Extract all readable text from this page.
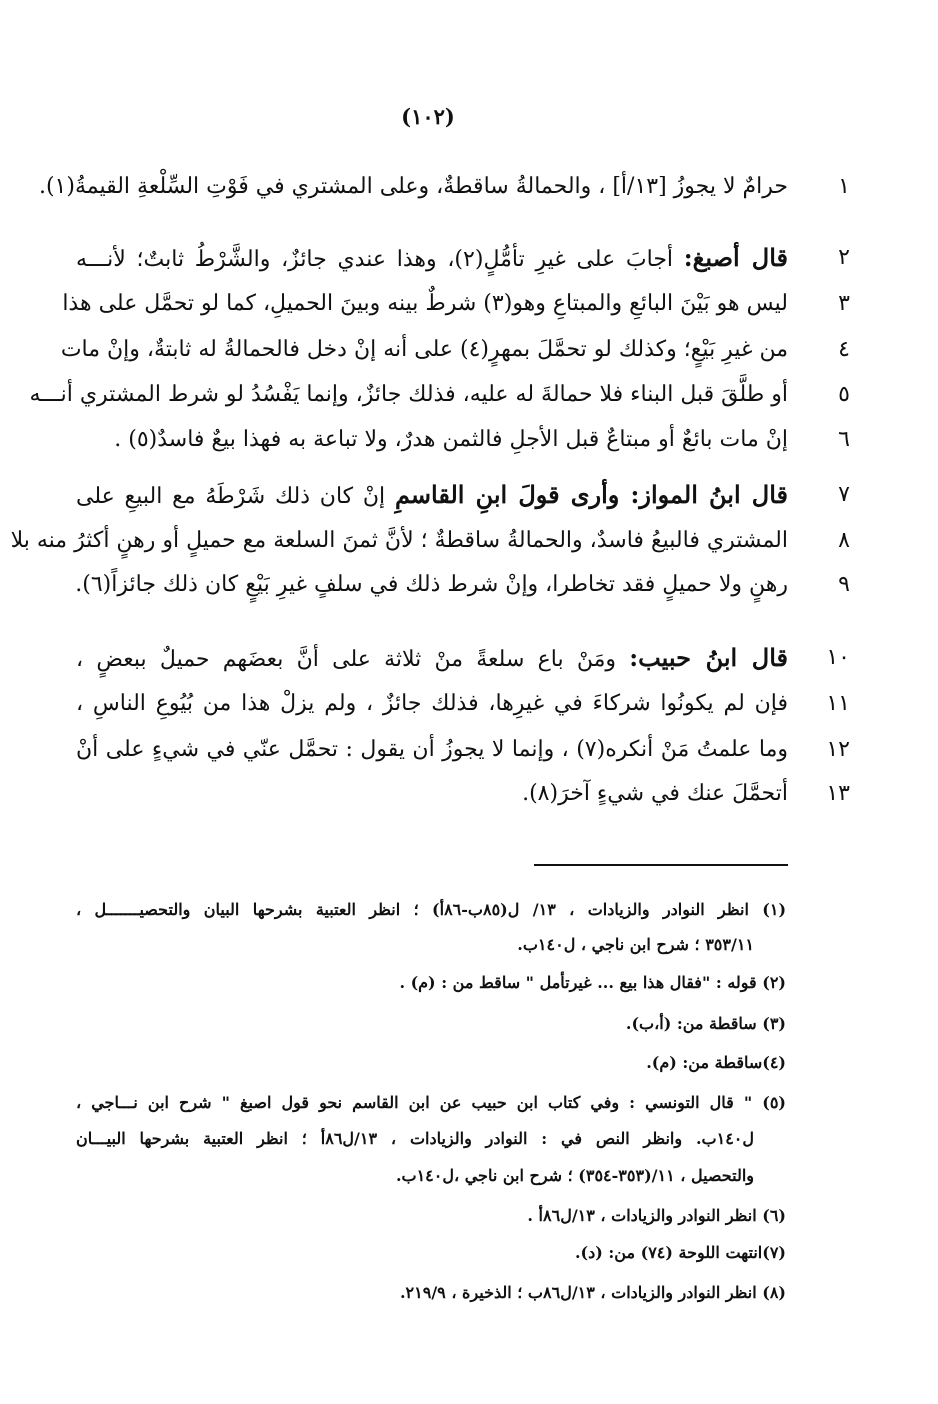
(١٠٢)
١
حرامٌ لا يجوزُ [١٣/أ] ، والحمالةُ ساقطةٌ، وعلى المشتري في فَوْتِ السِّلْعةِ القيمةُ(١).
٢
قال أصبغ: أجابَ على غيرِ تأمُّلٍ(٢)، وهذا عندي جائزٌ، والشَّرْطُ ثابتٌ؛ لأنـــه
٣
ليس هو بَيْنَ البائعِ والمبتاعِ وهو(٣) شرطٌ بينه وبينَ الحميلِ، كما لو تحمَّل على هذا
٤
من غيرِ بَيْعٍ؛ وكذلك لو تحمَّلَ بمهرٍ(٤) على أنه إنْ دخل فالحمالةُ له ثابتةٌ، وإنْ مات
٥
أو طلَّقَ قبل البناء فلا حمالةَ له عليه، فذلك جائزٌ، وإنما يَفْسُدُ لو شرط المشتري أنـــه
٦
إنْ مات بائعٌ أو مبتاعٌ قبل الأجلِ فالثمن هدرٌ، ولا تباعة به فهذا بيعٌ فاسدٌ(٥) .
٧
قال ابنُ المواز: وأرى قولَ ابنِ القاسمِ إنْ كان ذلك شَرْطَهُ مع البيعِ على
٨
المشتري فالبيعُ فاسدٌ، والحمالةُ ساقطةٌ ؛ لأنَّ ثمنَ السلعة مع حميلٍ أو رهنٍ أكثرُ منه بلا
٩
رهنٍ ولا حميلٍ فقد تخاطرا، وإنْ شرط ذلك في سلفٍ غيرِ بَيْعٍ كان ذلك جائزاً(٦).
١٠
قال ابنُ حبيب: ومَنْ باع سلعةً منْ ثلاثة على أنَّ بعضَهم حميلٌ ببعضٍ ،
١١
فإن لم يكونُوا شركاءَ في غيرِها، فذلك جائزٌ ، ولم يزلْ هذا من بُيُوعِ الناسِ ،
١٢
وما علمتُ مَنْ أنكره(٧) ، وإنما لا يجوزُ أن يقول : تحمَّل عنّي في شيءٍ على أنْ
١٣
أتحمَّلَ عنك في شيءٍ آخرَ(٨).
(١) انظر النوادر والزيادات ، ١٣/ ل(٨٥ب-٨٦أ) ؛ انظر العتبية بشرحها البيان والتحصيـــــــل ،
٣٥٣/١١ ؛ شرح ابن ناجي ، ل١٤٠ب.
(٢) قوله : "فقال هذا بيع ... غيرتأمل " ساقط من : (م) .
(٣) ساقطة من: (أ،ب).
(٤)ساقطة من: (م).
(٥) " قال التونسي : وفي كتاب ابن حبيب عن ابن القاسم نحو قول اصبغ " شرح ابن نـــاجي ،
ل١٤٠ب. وانظر النص في : النوادر والزيادات ، ١٣/ل٨٦أ ؛ انظر العتبية بشرحها البيـــان
والتحصيل ، ١١/(٣٥٣-٣٥٤) ؛ شرح ابن ناجي ،ل١٤٠ب.
(٦) انظر النوادر والزيادات ، ١٣/ل٨٦أ .
(٧)انتهت اللوحة (٧٤) من: (د).
(٨) انظر النوادر والزيادات ، ١٣/ل٨٦ب ؛ الذخيرة ، ٢١٩/٩.
